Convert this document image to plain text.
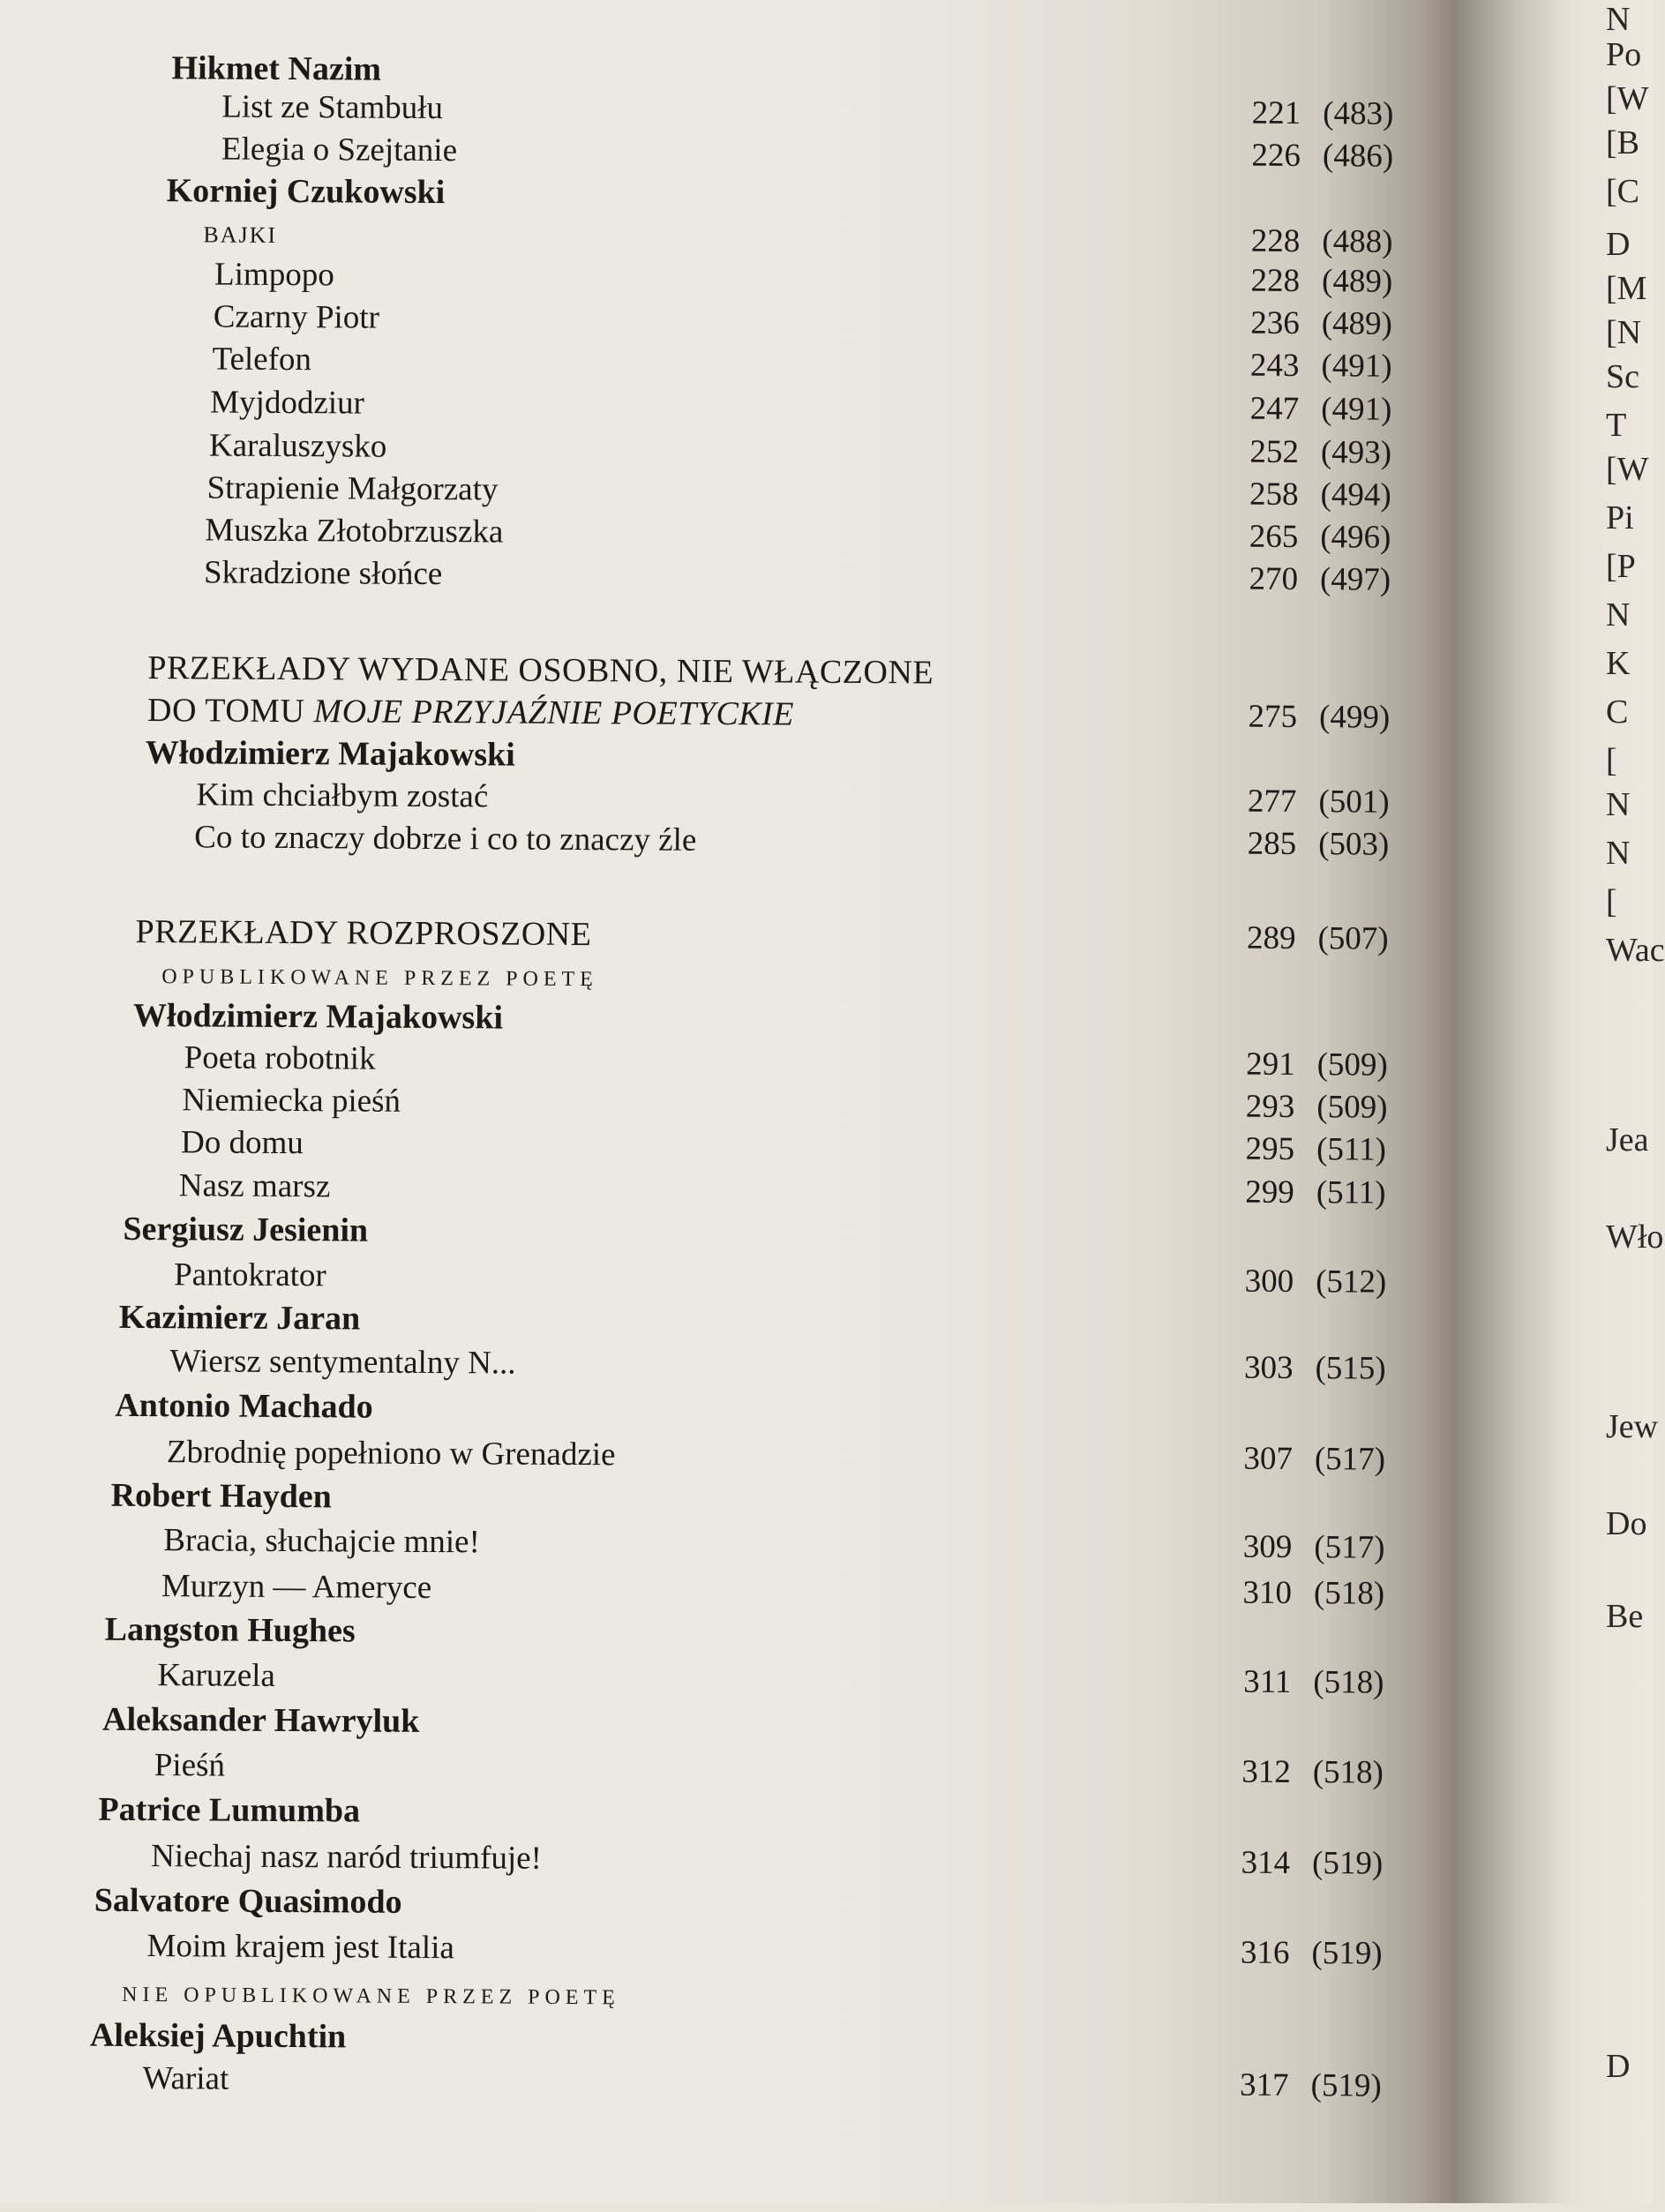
Hikmet Nazim
List ze Stambułu	221 (483)
Elegia o Szejtanie	226 (486)
Korniej Czukowski
BAJKI	228 (488)
Limpopo	228 (489)
Czarny Piotr	236 (489)
Telefon	243 (491)
Myjdodziur	247 (491)
Karaluszysko	252 (493)
Strapienie Małgorzaty	258 (494)
Muszka Złotobrzuszka	265 (496)
Skradzione słońce	270 (497)
PRZEKŁADY WYDANE OSOBNO, NIE WŁĄCZONE
DO TOMU MOJE PRZYJAŹNIE POETYCKIE	275 (499)
Włodzimierz Majakowski
Kim chciałbym zostać	277 (501)
Co to znaczy dobrze i co to znaczy źle	285 (503)
PRZEKŁADY ROZPROSZONE	289 (507)
OPUBLIKOWANE PRZEZ POETĘ
Włodzimierz Majakowski
Poeta robotnik	291 (509)
Niemiecka pieśń	293 (509)
Do domu	295 (511)
Nasz marsz	299 (511)
Sergiusz Jesienin
Pantokrator	300 (512)
Kazimierz Jaran
Wiersz sentymentalny N...	303 (515)
Antonio Machado
Zbrodnię popełniono w Grenadzie	307 (517)
Robert Hayden
Bracia, słuchajcie mnie!	309 (517)
Murzyn — Ameryce	310 (518)
Langston Hughes
Karuzela	311 (518)
Aleksander Hawryluk
Pieśń	312 (518)
Patrice Lumumba
Niechaj nasz naród triumfuje!	314 (519)
Salvatore Quasimodo
Moim krajem jest Italia	316 (519)
NIE OPUBLIKOWANE PRZEZ POETĘ
Aleksiej Apuchtin
Wariat	317 (519)
N
Po
[W
[B
[C
D
[M
[N
Sc
T
[W
Pi
[P
N
K
C
[
N
N
[
Wac
Jea
Wło
Jew
Do
Be
D
